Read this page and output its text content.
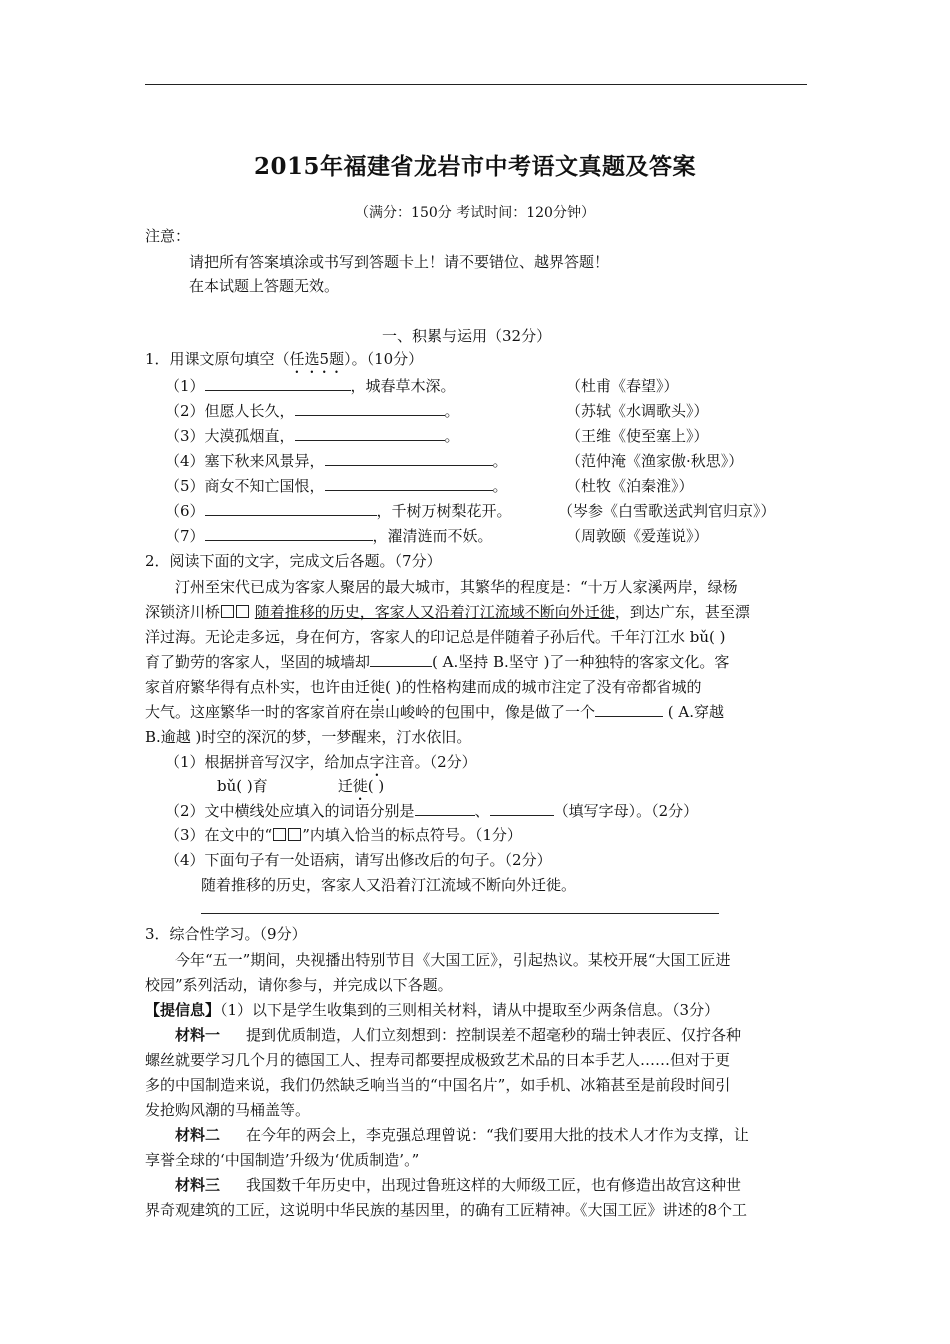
2015年福建省龙岩市中考语文真题及答案
（满分：150分 考试时间：120分钟）
注意：
请把所有答案填涂或书写到答题卡上！请不要错位、越界答题！
在本试题上答题无效。
一、积累与运用（32分）
1．用课文原句填空（任选5题）。（10分）
（1）	，城春草木深。	（杜甫《春望》）
（2）但愿人长久，	。	（苏轼《水调歌头》）
（3）大漠孤烟直，	。	（王维《使至塞上》）
（4）塞下秋来风景异，	。	（范仲淹《渔家傲·秋思》）
（5）商女不知亡国恨，	。	（杜牧《泊秦淮》）
（6）	，千树万树梨花开。	（岑参《白雪歌送武判官归京》）
（7）	，濯清涟而不妖。	（周敦颐《爱莲说》）
2．阅读下面的文字，完成文后各题。（7分）
汀州至宋代已成为客家人聚居的最大城市，其繁华的程度是：“十万人家溪两岸，绿杨
深锁济川桥 随着推移的历史，客家人又沿着汀江流域不断向外迁徙，到达广东，甚至漂
洋过海。无论走多远，身在何方，客家人的印记总是伴随着子孙后代。千年汀江水 bǔ( )
育了勤劳的客家人，坚固的城墙却	( A.坚持 B.坚守 )了一种独特的客家文化。客
家首府繁华得有点朴实，也许由迁徙( )的性格构建而成的城市注定了没有帝都省城的
大气。这座繁华一时的客家首府在崇山峻岭的包围中，像是做了一个	( A.穿越
B.逾越 )时空的深沉的梦，一梦醒来，汀水依旧。
（1）根据拼音写汉字，给加点字注音。（2分）
bǔ( )育	迁徙( )
（2）文中横线处应填入的词语分别是	、	（填写字母）。（2分）
（3）在文中的“ ”内填入恰当的标点符号。（1分）
（4）下面句子有一处语病，请写出修改后的句子。（2分）
随着推移的历史，客家人又沿着汀江流域不断向外迁徙。
3．综合性学习。（9分）
今年“五一”期间，央视播出特别节目《大国工匠》，引起热议。某校开展“大国工匠进
校园”系列活动，请你参与，并完成以下各题。
【提信息】（1）以下是学生收集到的三则相关材料，请从中提取至少两条信息。（3分）
材料一 提到优质制造，人们立刻想到：控制误差不超毫秒的瑞士钟表匠、仅拧各种
螺丝就要学习几个月的德国工人、捏寿司都要捏成极致艺术品的日本手艺人……但对于更
多的中国制造来说，我们仍然缺乏响当当的“中国名片”，如手机、冰箱甚至是前段时间引
发抢购风潮的马桶盖等。
材料二 在今年的两会上，李克强总理曾说：“我们要用大批的技术人才作为支撑，让
享誉全球的‘中国制造’升级为‘优质制造’。”
材料三 我国数千年历史中，出现过鲁班这样的大师级工匠，也有修造出故宫这种世
界奇观建筑的工匠，这说明中华民族的基因里，的确有工匠精神。《大国工匠》讲述的8个工
